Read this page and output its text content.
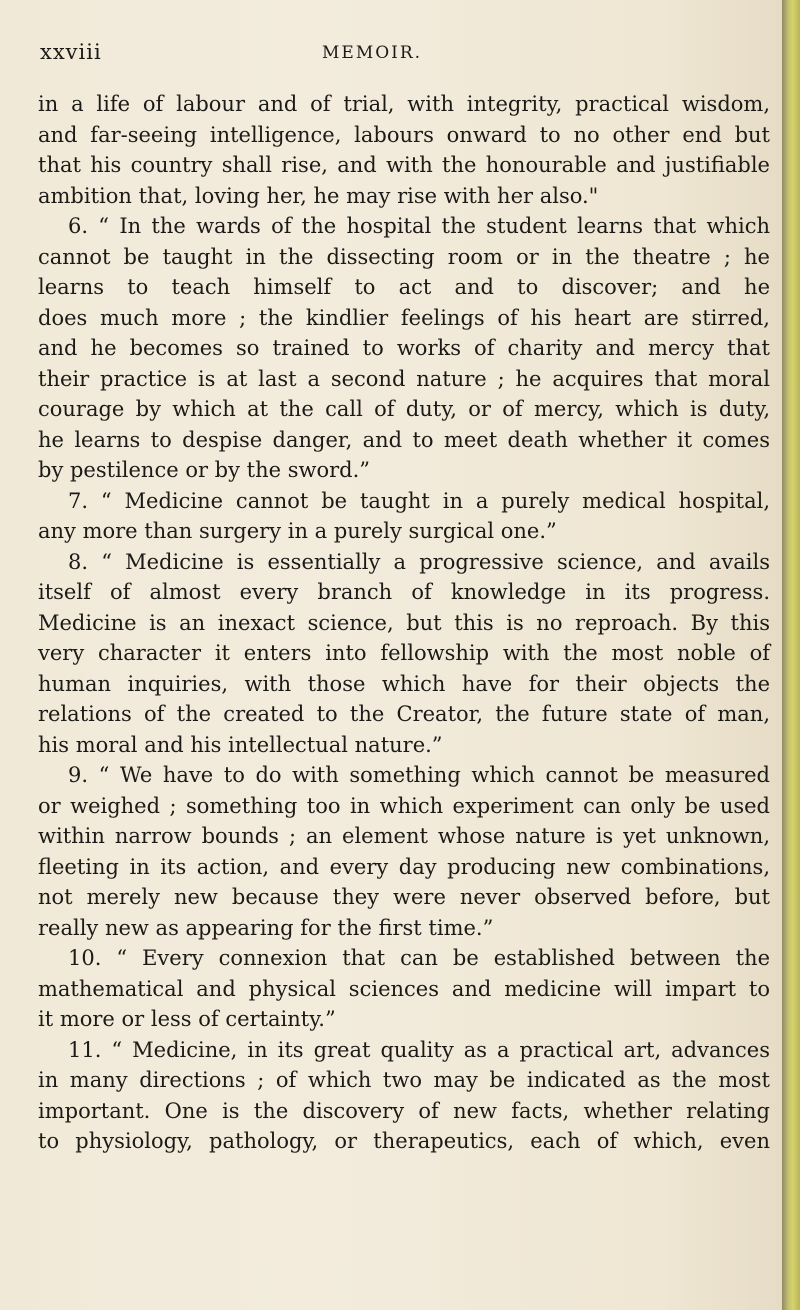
xxviii	MEMOIR.
in a life of labour and of trial, with integrity, practical wisdom,
and far-seeing intelligence, labours onward to no other end but
that his country shall rise, and with the honourable and justifiable
ambition that, loving her, he may rise with her also."
6. “ In the wards of the hospital the student learns that which
cannot be taught in the dissecting room or in the theatre ; he
learns to teach himself to act and to discover; and he
does much more ; the kindlier feelings of his heart are stirred,
and he becomes so trained to works of charity and mercy that
their practice is at last a second nature ; he acquires that moral
courage by which at the call of duty, or of mercy, which is duty,
he learns to despise danger, and to meet death whether it comes
by pestilence or by the sword.”
7. “ Medicine cannot be taught in a purely medical hospital,
any more than surgery in a purely surgical one.”
8. “ Medicine is essentially a progressive science, and avails
itself of almost every branch of knowledge in its progress.
Medicine is an inexact science, but this is no reproach. By this
very character it enters into fellowship with the most noble of
human inquiries, with those which have for their objects the
relations of the created to the Creator, the future state of man,
his moral and his intellectual nature.”
9. “ We have to do with something which cannot be measured
or weighed ; something too in which experiment can only be used
within narrow bounds ; an element whose nature is yet unknown,
fleeting in its action, and every day producing new combinations,
not merely new because they were never observed before, but
really new as appearing for the first time.”
10. “ Every connexion that can be established between the
mathematical and physical sciences and medicine will impart to
it more or less of certainty.”
11. “ Medicine, in its great quality as a practical art, advances
in many directions ; of which two may be indicated as the most
important. One is the discovery of new facts, whether relating
to physiology, pathology, or therapeutics, each of which, even
